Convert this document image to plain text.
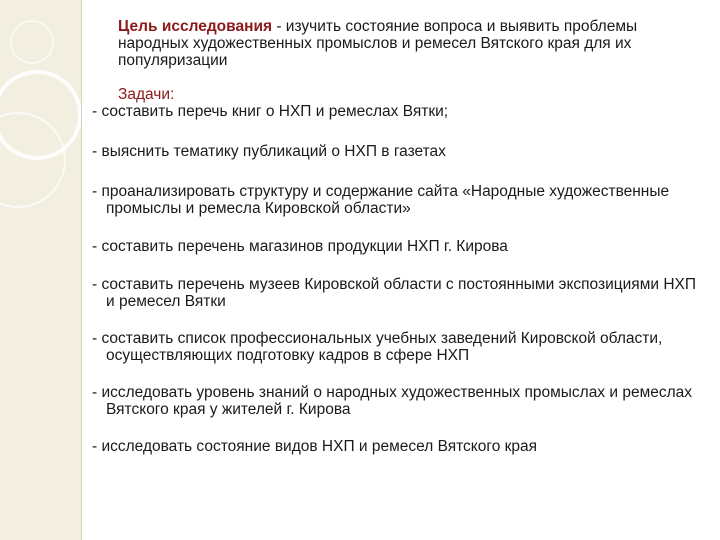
Цель исследования - изучить состояние вопроса и выявить проблемы народных художественных промыслов и ремесел Вятского края для их популяризации
Задачи:
- составить перечь книг о НХП и ремеслах Вятки;
- выяснить тематику публикаций о НХП в газетах
- проанализировать структуру и содержание сайта «Народные художественные промыслы и ремесла Кировской области»
- составить перечень магазинов продукции НХП г. Кирова
- составить перечень музеев Кировской области с постоянными экспозициями НХП и ремесел Вятки
- составить список профессиональных учебных заведений Кировской области, осуществляющих подготовку кадров в сфере НХП
- исследовать уровень знаний о народных художественных промыслах и ремеслах Вятского края у жителей г. Кирова
- исследовать состояние видов НХП и ремесел Вятского края
